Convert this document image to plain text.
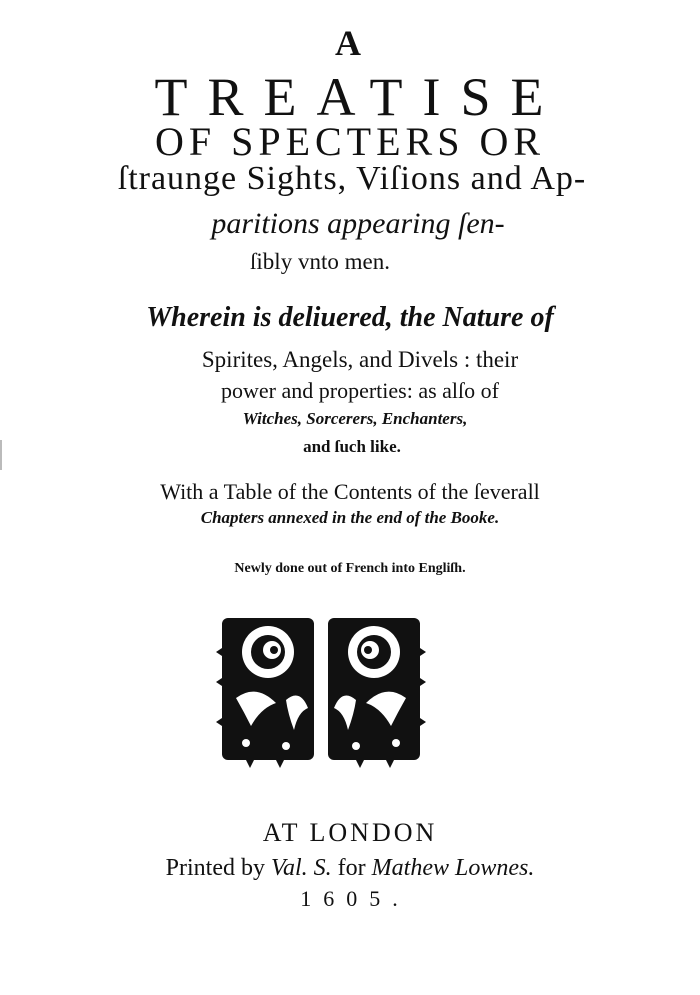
A
TREATISE
OF SPECTERS OR
ſtraunge Sights, Viſions and Ap-
paritions appearing ſen-
ſibly vnto men.
Wherein is deliuered, the Nature of
Spirites, Angels, and Divels : their
power and properties: as alſo of
Witches, Sorcerers, Enchanters,
and ſuch like.
With a Table of the Contents of the ſeverall
Chapters annexed in the end of the Booke.
Newly done out of French into Engliſh.
AT LONDON
Printed by Val. S. for Mathew Lownes.
1605.
